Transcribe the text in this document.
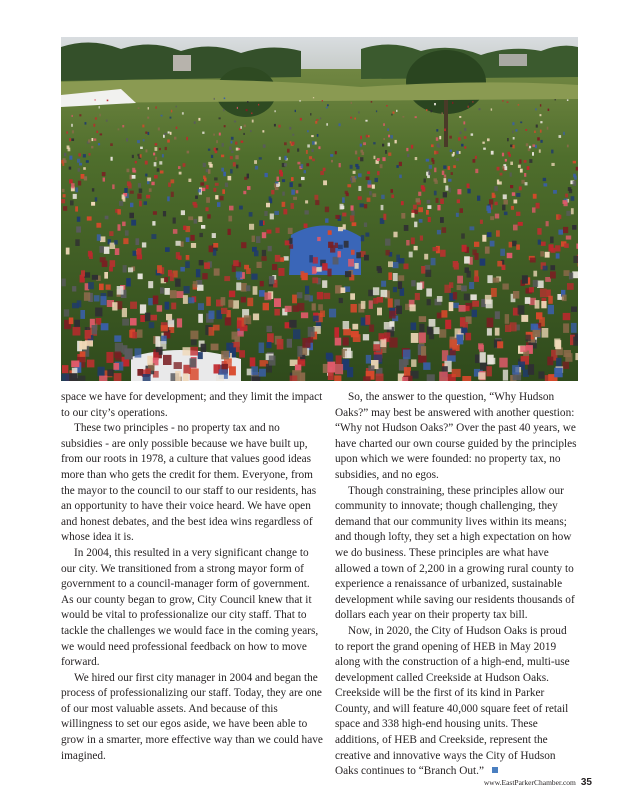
space we have for development; and they limit the impact to our city’s operations.

These two principles - no property tax and no subsidies - are only possible because we have built up, from our roots in 1978, a culture that values good ideas more than who gets the credit for them. Everyone, from the mayor to the council to our staff to our residents, has an opportunity to have their voice heard. We have open and honest debates, and the best idea wins regardless of whose idea it is.

In 2004, this resulted in a very significant change to our city. We transitioned from a strong mayor form of government to a council-manager form of government. As our county began to grow, City Council knew that it would be vital to professionalize our city staff. That to tackle the challenges we would face in the coming years, we would need professional feedback on how to move forward.

We hired our first city manager in 2004 and began the process of professionalizing our staff. Today, they are one of our most valuable assets. And because of this willingness to set our egos aside, we have been able to grow in a smarter, more effective way than we could have imagined.

So, the answer to the question, “Why Hudson Oaks?” may best be answered with another question: “Why not Hudson Oaks?” Over the past 40 years, we have charted our own course guided by the principles upon which we were founded: no property tax, no subsidies, and no egos.

Though constraining, these principles allow our community to innovate; though challenging, they demand that our community lives within its means; and though lofty, they set a high expectation on how we do business. These principles are what have allowed a town of 2,200 in a growing rural county to experience a renaissance of urbanized, sustainable development while saving our residents thousands of dollars each year on their property tax bill.

Now, in 2020, the City of Hudson Oaks is proud to report the grand opening of HEB in May 2019 along with the construction of a high-end, multi-use development called Creekside at Hudson Oaks. Creekside will be the first of its kind in Parker County, and will feature 40,000 square feet of retail space and 338 high-end housing units. These additions, of HEB and Creekside, represent the creative and innovative ways the City of Hudson Oaks continues to “Branch Out.”

www.EastParkerChamber.com 35
